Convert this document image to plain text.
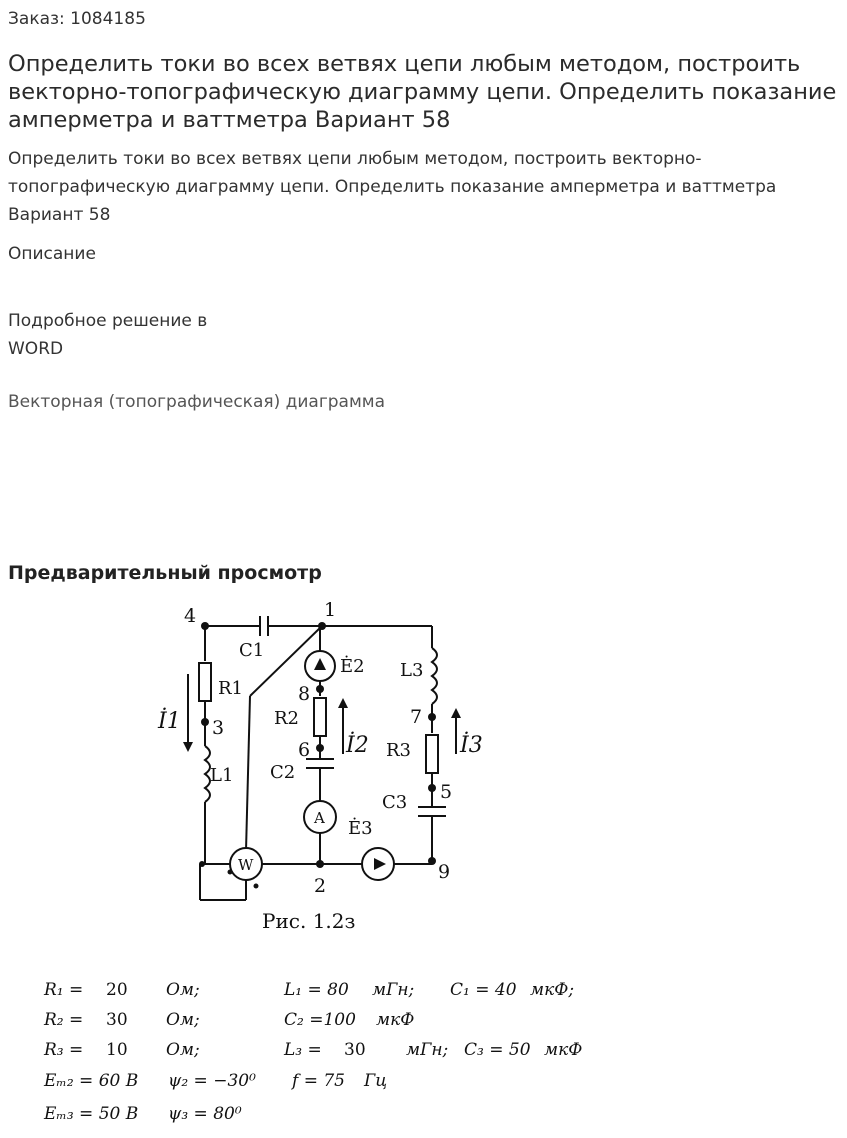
Заказ: 1084185
Определить токи во всех ветвях цепи любым методом, построить векторно-топографическую диаграмму цепи. Определить показание амперметра и ваттметра Вариант 58

Определить токи во всех ветвях цепи любым методом, построить векторно-топографическую диаграмму цепи. Определить показание амперметра и ваттметра Вариант 58

Описание
Подробное решение в
WORD
Векторная (топографическая) диаграмма
Предварительный просмотр
4	1
3
8
6
7
5
2
9
C1
R1
L1
Ė2
R2
C2
A Ė3
L3
R3
C3
W
İ1
İ2	İ3
Рис. 1.2з
R₁ = 20 Ом;	L₁ = 80 мГн; C₁ = 40 мкФ;
R₂ = 30 Ом;	C₂ =100 мкФ
R₃ = 10 Ом;	L₃ = 30 мГн; C₃ = 50 мкФ
Eₘ₂ = 60 В ψ₂ = −30⁰ f = 75 Гц
Eₘ₃ = 50 В ψ₃ = 80⁰
